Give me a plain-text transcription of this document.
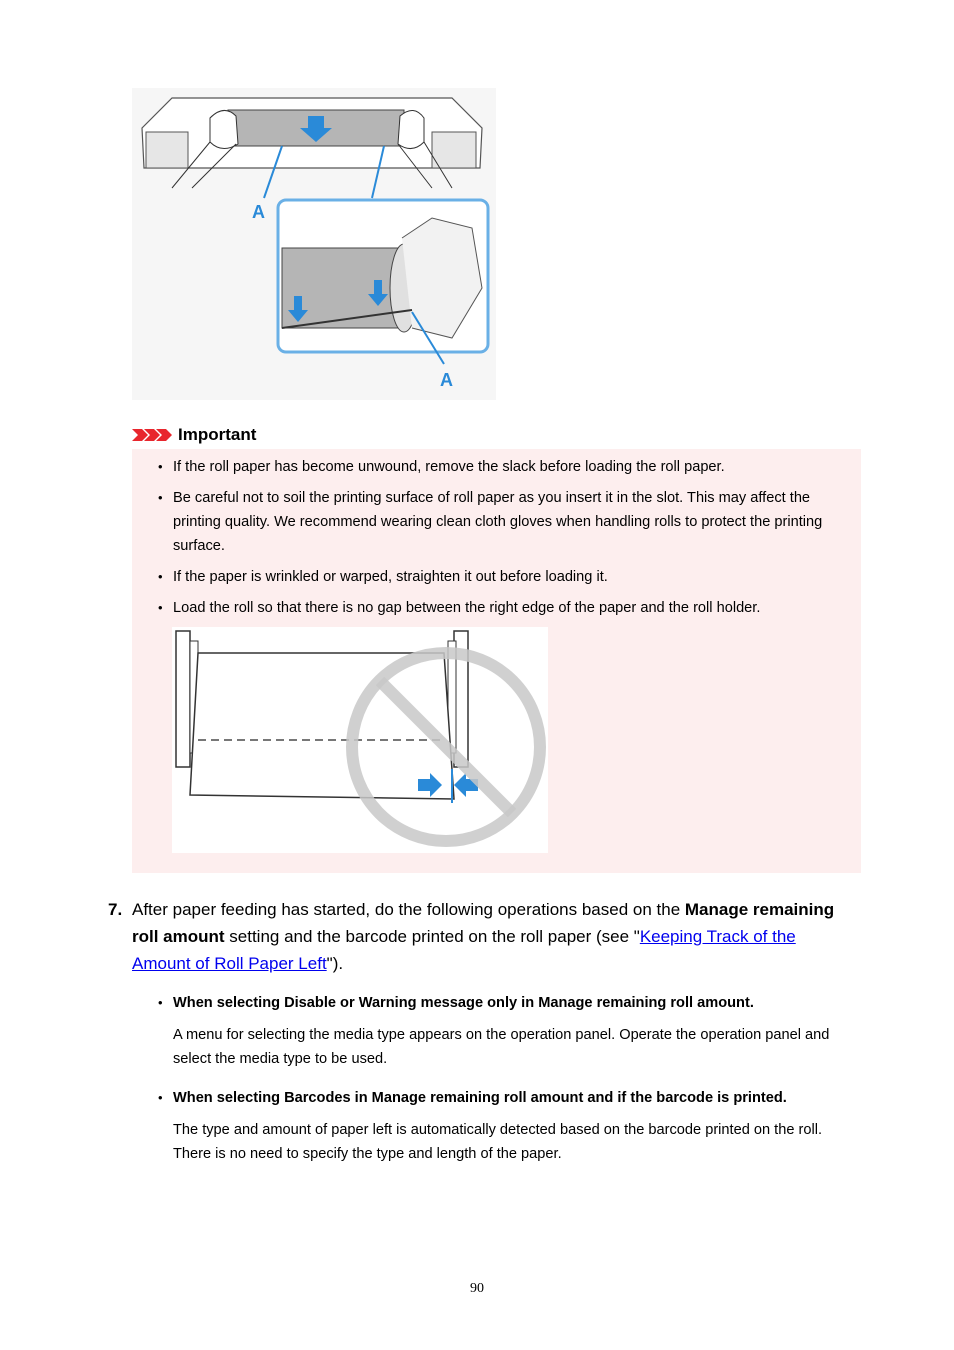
A
A
Important
• If the roll paper has become unwound, remove the slack before loading the roll paper.
• Be careful not to soil the printing surface of roll paper as you insert it in the slot. This may affect the printing quality. We recommend wearing clean cloth gloves when handling rolls to protect the printing surface.
• If the paper is wrinkled or warped, straighten it out before loading it.
• Load the roll so that there is no gap between the right edge of the paper and the roll holder.
7. After paper feeding has started, do the following operations based on the Manage remaining roll amount setting and the barcode printed on the roll paper (see "Keeping Track of the Amount of Roll Paper Left").
• When selecting Disable or Warning message only in Manage remaining roll amount.
A menu for selecting the media type appears on the operation panel. Operate the operation panel and select the media type to be used.
• When selecting Barcodes in Manage remaining roll amount and if the barcode is printed.
The type and amount of paper left is automatically detected based on the barcode printed on the roll. There is no need to specify the type and length of the paper.
90
